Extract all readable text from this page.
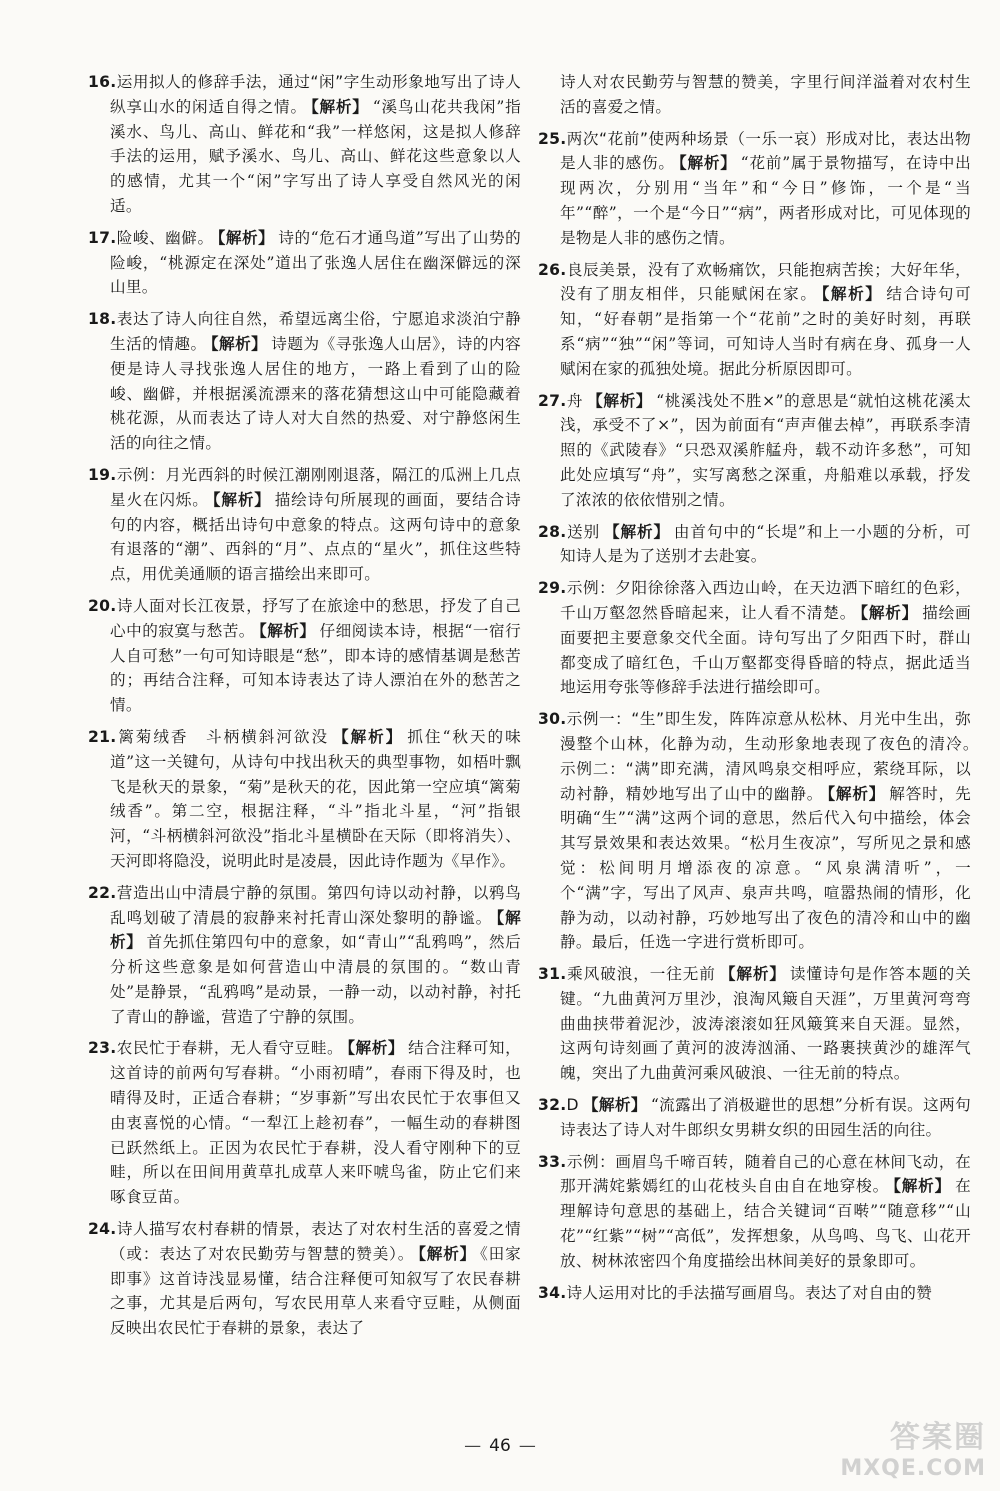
16.运用拟人的修辞手法，通过“闲”字生动形象地写出了诗人纵享山水的闲适自得之情。 【解析】 “溪鸟山花共我闲”指溪水、鸟儿、高山、鲜花和“我”一样悠闲，这是拟人修辞手法的运用，赋予溪水、鸟儿、高山、鲜花这些意象以人的感情，尤其一个“闲”字写出了诗人享受自然风光的闲适。

17.险峻、幽僻。 【解析】 诗的“危石才通鸟道”写出了山势的险峻，“桃源定在深处”道出了张逸人居住在幽深僻远的深山里。

18.表达了诗人向往自然，希望远离尘俗，宁愿追求淡泊宁静生活的情趣。 【解析】 诗题为《寻张逸人山居》，诗的内容便是诗人寻找张逸人居住的地方，一路上看到了山的险峻、幽僻，并根据溪流漂来的落花猜想这山中可能隐藏着桃花源，从而表达了诗人对大自然的热爱、对宁静悠闲生活的向往之情。

19.示例：月光西斜的时候江潮刚刚退落，隔江的瓜洲上几点星火在闪烁。 【解析】 描绘诗句所展现的画面，要结合诗句的内容，概括出诗句中意象的特点。这两句诗中的意象有退落的“潮”、西斜的“月”、点点的“星火”，抓住这些特点，用优美通顺的语言描绘出来即可。

20.诗人面对长江夜景，抒写了在旅途中的愁思，抒发了自己心中的寂寞与愁苦。 【解析】 仔细阅读本诗，根据“一宿行人自可愁”一句可知诗眼是“愁”，即本诗的感情基调是愁苦的；再结合注释，可知本诗表达了诗人漂泊在外的愁苦之情。

21.篱菊绒香　斗柄横斜河欲没 【解析】 抓住“秋天的味道”这一关键句，从诗句中找出秋天的典型事物，如梧叶飘飞是秋天的景象，“菊”是秋天的花，因此第一空应填“篱菊绒香”。第二空，根据注释，“斗”指北斗星，“河”指银河，“斗柄横斜河欲没”指北斗星横卧在天际（即将消失）、天河即将隐没，说明此时是凌晨，因此诗作题为《早作》。

22.营造出山中清晨宁静的氛围。第四句诗以动衬静，以鸦鸟乱鸣划破了清晨的寂静来衬托青山深处黎明的静谧。 【解析】 首先抓住第四句中的意象，如“青山”“乱鸦鸣”，然后分析这些意象是如何营造山中清晨的氛围的。“数山青处”是静景，“乱鸦鸣”是动景，一静一动，以动衬静，衬托了青山的静谧，营造了宁静的氛围。

23.农民忙于春耕，无人看守豆畦。 【解析】 结合注释可知，这首诗的前两句写春耕。“小雨初晴”，春雨下得及时，也晴得及时，正适合春耕；“岁事新”写出农民忙于农事但又由衷喜悦的心情。“一犁江上趁初春”，一幅生动的春耕图已跃然纸上。正因为农民忙于春耕，没人看守刚种下的豆畦，所以在田间用黄草扎成草人来吓唬鸟雀，防止它们来啄食豆苗。

24.诗人描写农村春耕的情景，表达了对农村生活的喜爱之情（或：表达了对农民勤劳与智慧的赞美）。 【解析】 《田家即事》这首诗浅显易懂，结合注释便可知叙写了农民春耕之事，尤其是后两句，写农民用草人来看守豆畦，从侧面反映出农民忙于春耕的景象，表达了

诗人对农民勤劳与智慧的赞美，字里行间洋溢着对农村生活的喜爱之情。

25.两次“花前”使两种场景（一乐一哀）形成对比，表达出物是人非的感伤。 【解析】 “花前”属于景物描写，在诗中出现两次，分别用“当年”和“今日”修饰，一个是“当年”“醉”，一个是“今日”“病”，两者形成对比，可见体现的是物是人非的感伤之情。

26.良辰美景，没有了欢畅痛饮，只能抱病苦挨；大好年华，没有了朋友相伴，只能赋闲在家。 【解析】 结合诗句可知，“好春朝”是指第一个“花前”之时的美好时刻，再联系“病”“独”“闲”等词，可知诗人当时有病在身、孤身一人赋闲在家的孤独处境。据此分析原因即可。

27.舟 【解析】 “桃溪浅处不胜×”的意思是“就怕这桃花溪太浅，承受不了×”，因为前面有“声声催去棹”，再联系李清照的《武陵春》“只恐双溪舴艋舟，载不动许多愁”，可知此处应填写“舟”，实写离愁之深重，舟船难以承载，抒发了浓浓的依依惜别之情。

28.送别 【解析】 由首句中的“长堤”和上一小题的分析，可知诗人是为了送别才去赴宴。

29.示例：夕阳徐徐落入西边山岭，在天边洒下暗红的色彩，千山万壑忽然昏暗起来，让人看不清楚。 【解析】 描绘画面要把主要意象交代全面。诗句写出了夕阳西下时，群山都变成了暗红色，千山万壑都变得昏暗的特点，据此适当地运用夸张等修辞手法进行描绘即可。

30.示例一：“生”即生发，阵阵凉意从松林、月光中生出，弥漫整个山林，化静为动，生动形象地表现了夜色的清冷。　示例二：“满”即充满，清风鸣泉交相呼应，萦绕耳际，以动衬静，精妙地写出了山中的幽静。 【解析】 解答时，先明确“生”“满”这两个词的意思，然后代入句中描绘，体会其写景效果和表达效果。“松月生夜凉”，写所见之景和感觉：松间明月增添夜的凉意。“风泉满清听”，一个“满”字，写出了风声、泉声共鸣，喧嚣热闹的情形，化静为动，以动衬静，巧妙地写出了夜色的清冷和山中的幽静。最后，任选一字进行赏析即可。

31.乘风破浪，一往无前 【解析】 读懂诗句是作答本题的关键。“九曲黄河万里沙，浪淘风簸自天涯”，万里黄河弯弯曲曲挟带着泥沙，波涛滚滚如狂风簸箕来自天涯。显然，这两句诗刻画了黄河的波涛汹涌、一路裹挟黄沙的雄浑气魄，突出了九曲黄河乘风破浪、一往无前的特点。

32.D 【解析】 “流露出了消极避世的思想”分析有误。这两句诗表达了诗人对牛郎织女男耕女织的田园生活的向往。

33.示例：画眉鸟千啼百转，随着自己的心意在林间飞动，在那开满姹紫嫣红的山花枝头自由自在地穿梭。 【解析】 在理解诗句意思的基础上，结合关键词“百啭”“随意移”“山花”“红紫”“树”“高低”，发挥想象，从鸟鸣、鸟飞、山花开放、树林浓密四个角度描绘出林间美好的景象即可。

34.诗人运用对比的手法描写画眉鸟。表达了对自由的赞

— 46 —	答案圈
MXQE.COM
